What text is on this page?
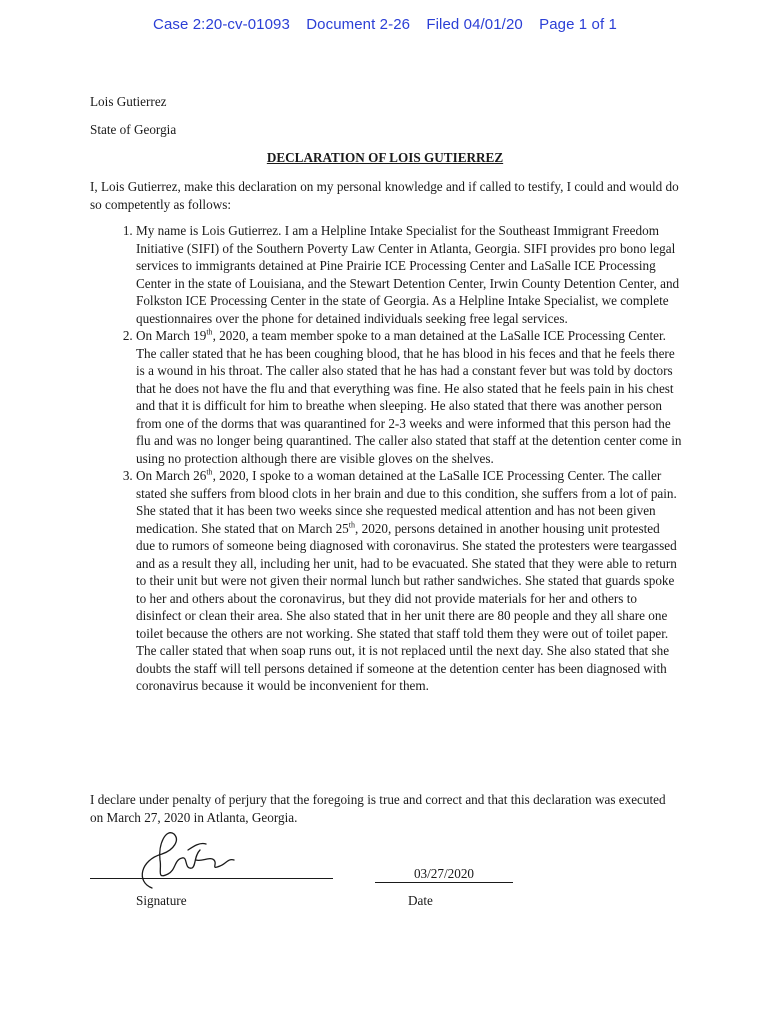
Case 2:20-cv-01093 Document 2-26 Filed 04/01/20 Page 1 of 1
Lois Gutierrez
State of Georgia
DECLARATION OF LOIS GUTIERREZ
I, Lois Gutierrez, make this declaration on my personal knowledge and if called to testify, I could and would do so competently as follows:
1. My name is Lois Gutierrez. I am a Helpline Intake Specialist for the Southeast Immigrant Freedom Initiative (SIFI) of the Southern Poverty Law Center in Atlanta, Georgia. SIFI provides pro bono legal services to immigrants detained at Pine Prairie ICE Processing Center and LaSalle ICE Processing Center in the state of Louisiana, and the Stewart Detention Center, Irwin County Detention Center, and Folkston ICE Processing Center in the state of Georgia. As a Helpline Intake Specialist, we complete questionnaires over the phone for detained individuals seeking free legal services.
2. On March 19th, 2020, a team member spoke to a man detained at the LaSalle ICE Processing Center. The caller stated that he has been coughing blood, that he has blood in his feces and that he feels there is a wound in his throat. The caller also stated that he has had a constant fever but was told by doctors that he does not have the flu and that everything was fine. He also stated that he feels pain in his chest and that it is difficult for him to breathe when sleeping. He also stated that there was another person from one of the dorms that was quarantined for 2-3 weeks and were informed that this person had the flu and was no longer being quarantined. The caller also stated that staff at the detention center come in using no protection although there are visible gloves on the shelves.
3. On March 26th, 2020, I spoke to a woman detained at the LaSalle ICE Processing Center. The caller stated she suffers from blood clots in her brain and due to this condition, she suffers from a lot of pain. She stated that it has been two weeks since she requested medical attention and has not been given medication. She stated that on March 25th, 2020, persons detained in another housing unit protested due to rumors of someone being diagnosed with coronavirus. She stated the protesters were teargassed and as a result they all, including her unit, had to be evacuated. She stated that they were able to return to their unit but were not given their normal lunch but rather sandwiches. She stated that guards spoke to her and others about the coronavirus, but they did not provide materials for her and others to disinfect or clean their area. She also stated that in her unit there are 80 people and they all share one toilet because the others are not working. She stated that staff told them they were out of toilet paper. The caller stated that when soap runs out, it is not replaced until the next day. She also stated that she doubts the staff will tell persons detained if someone at the detention center has been diagnosed with coronavirus because it would be inconvenient for them.
I declare under penalty of perjury that the foregoing is true and correct and that this declaration was executed on March 27, 2020 in Atlanta, Georgia.
03/27/2020
Signature	Date
